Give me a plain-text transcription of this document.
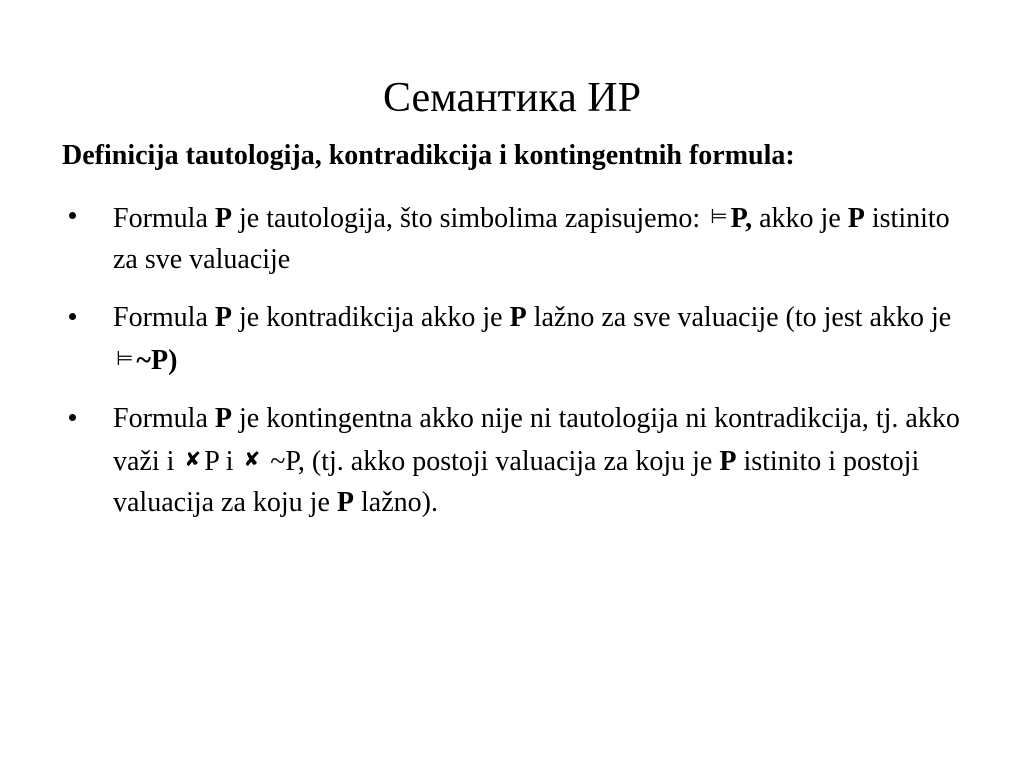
Семантика ИР
Definicija tautologija, kontradikcija i kontingentnih formula:
Formula P je tautologija, što simbolima zapisujemo: ⊨ P, akko je P istinito za sve valuacije
Formula P je kontradikcija akko je P lažno za sve valuacije (to jest akko je ⊨ ~P)
Formula P je kontingentna akko nije ni tautologija ni kontradikcija, tj. akko važi i ✘ P i ✘ ~P, (tj. akko postoji valuacija za koju je P istinito i postoji valuacija za koju je P lažno).
